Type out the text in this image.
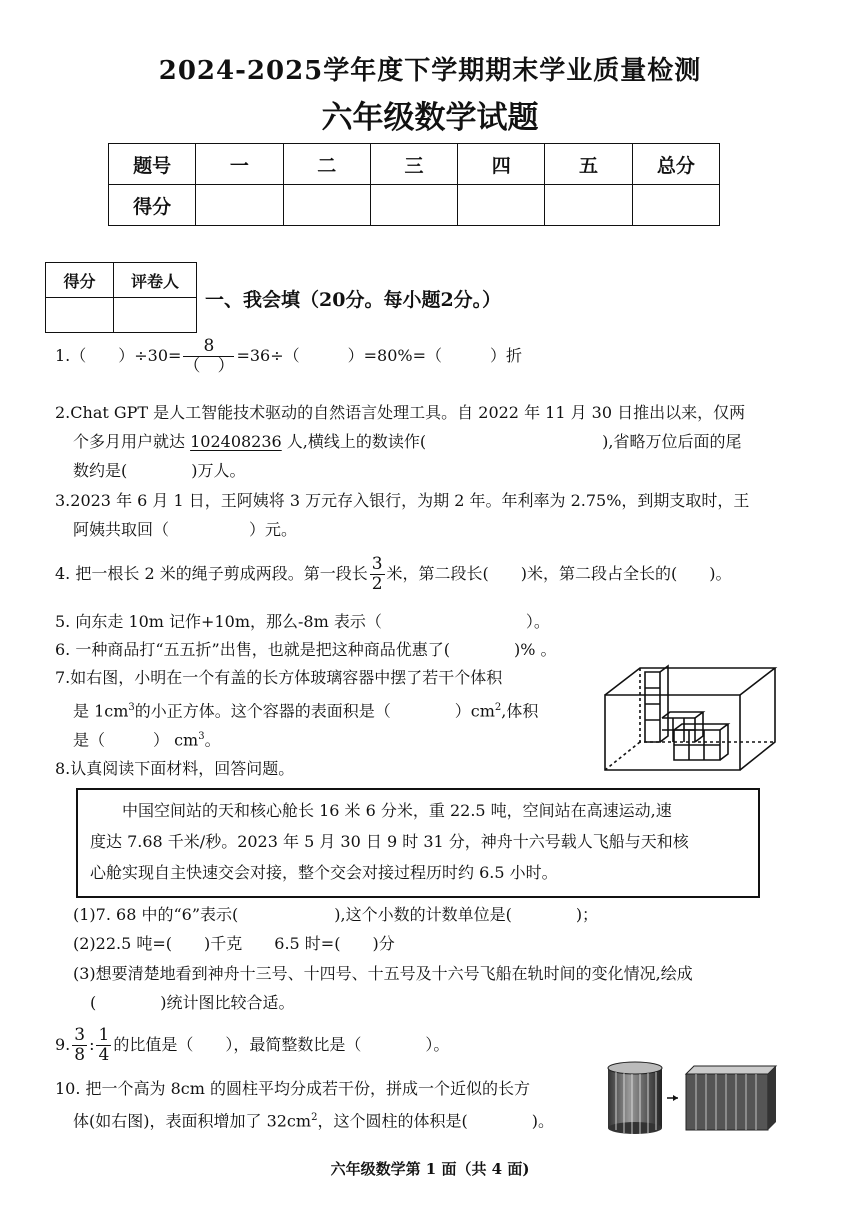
2024-2025学年度下学期期末学业质量检测
六年级数学试题
题号	一	二	三	四	五	总分
得分						
得分	评卷人

一、我会填（20分。每小题2分。）
1.（　　）$\div 30= \frac{8}{( )} =36\div$（　　　）=80%=（　　　）折
2.Chat GPT 是人工智能技术驱动的自然语言处理工具。自 2022 年 11 月 30 日推出以来，仅两
个多月用户就达 102408236 人,横线上的数读作(　　　　　　　　　　　),省略万位后面的尾
数约是(　　　　)万人。
3.2023 年 6 月 1 日，王阿姨将 3 万元存入银行，为期 2 年。年利率为 2.75%，到期支取时，王
阿姨共取回（　　　　　）元。
4. 把一根长 2 米的绳子剪成两段。第一段长 $\frac{3}{2}$ 米，第二段长(　　)米，第二段占全长的(　　)。
5. 向东走 10m 记作+10m，那么-8m 表示（　　　　　　　　　）。
6. 一种商品打“五五折”出售，也就是把这种商品优惠了(　　　　)% 。
7.如右图，小明在一个有盖的长方体玻璃容器中摆了若干个体积
是 $1cm^3$的小正方体。这个容器的表面积是（　　　　）$cm^2$,体积
是（　　　） $cm^3$。
8.认真阅读下面材料，回答问题。
　　中国空间站的天和核心舱长 16 米 6 分米，重 22.5 吨，空间站在高速运动,速
度达 7.68 千米/秒。2023 年 5 月 30 日 9 时 31 分，神舟十六号载人飞船与天和核
心舱实现自主快速交会对接，整个交会对接过程历时约 6.5 小时。
(1)7. 68 中的“6”表示(　　　　　　),这个小数的计数单位是(　　　　)；
(2)22.5 吨=(　　)千克　　6.5 时=(　　)分
(3)想要清楚地看到神舟十三号、十四号、十五号及十六号飞船在轨时间的变化情况,绘成
(　　　　)统计图比较合适。
9. $\frac{3}{8}$ : $\frac{1}{4}$ 的比值是（　　），最简整数比是（　　　　）。
10. 把一个高为 8cm 的圆柱平均分成若干份，拼成一个近似的长方
体(如右图)，表面积增加了 $32cm^2$，这个圆柱的体积是(　　　　)。
六年级数学第 1 面（共 4 面)
